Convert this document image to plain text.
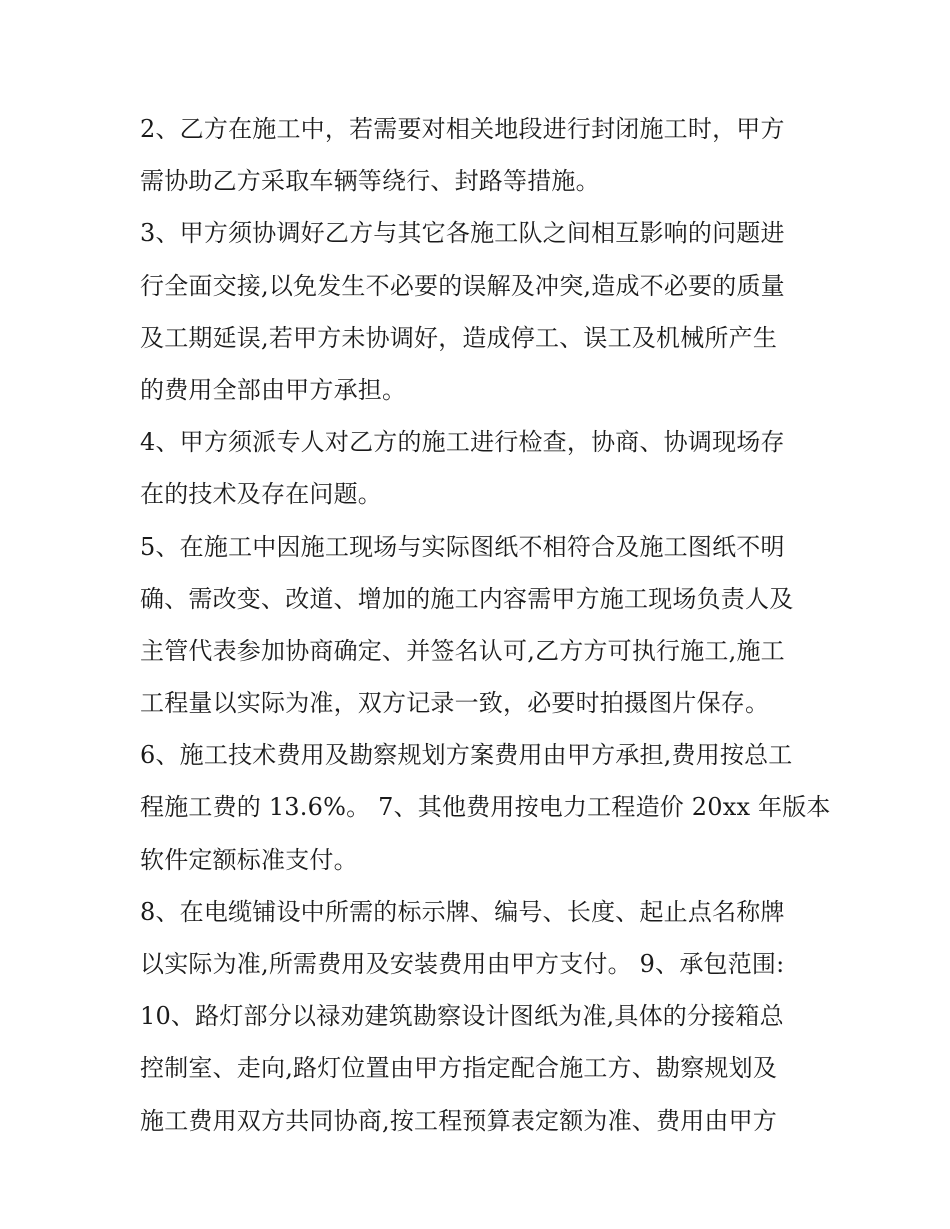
2、乙方在施工中，若需要对相关地段进行封闭施工时，甲方
需协助乙方采取车辆等绕行、封路等措施。
3、甲方须协调好乙方与其它各施工队之间相互影响的问题进
行全面交接,以免发生不必要的误解及冲突,造成不必要的质量
及工期延误,若甲方未协调好，造成停工、误工及机械所产生
的费用全部由甲方承担。
4、甲方须派专人对乙方的施工进行检查，协商、协调现场存
在的技术及存在问题。
5、在施工中因施工现场与实际图纸不相符合及施工图纸不明
确、需改变、改道、增加的施工内容需甲方施工现场负责人及
主管代表参加协商确定、并签名认可,乙方方可执行施工,施工
工程量以实际为准，双方记录一致，必要时拍摄图片保存。
6、施工技术费用及勘察规划方案费用由甲方承担,费用按总工
程施工费的 13.6%。 7、其他费用按电力工程造价 20xx 年版本
软件定额标准支付。
8、在电缆铺设中所需的标示牌、编号、长度、起止点名称牌
以实际为准,所需费用及安装费用由甲方支付。 9、承包范围:
10、路灯部分以禄劝建筑勘察设计图纸为准,具体的分接箱总
控制室、走向,路灯位置由甲方指定配合施工方、勘察规划及
施工费用双方共同协商,按工程预算表定额为准、费用由甲方
